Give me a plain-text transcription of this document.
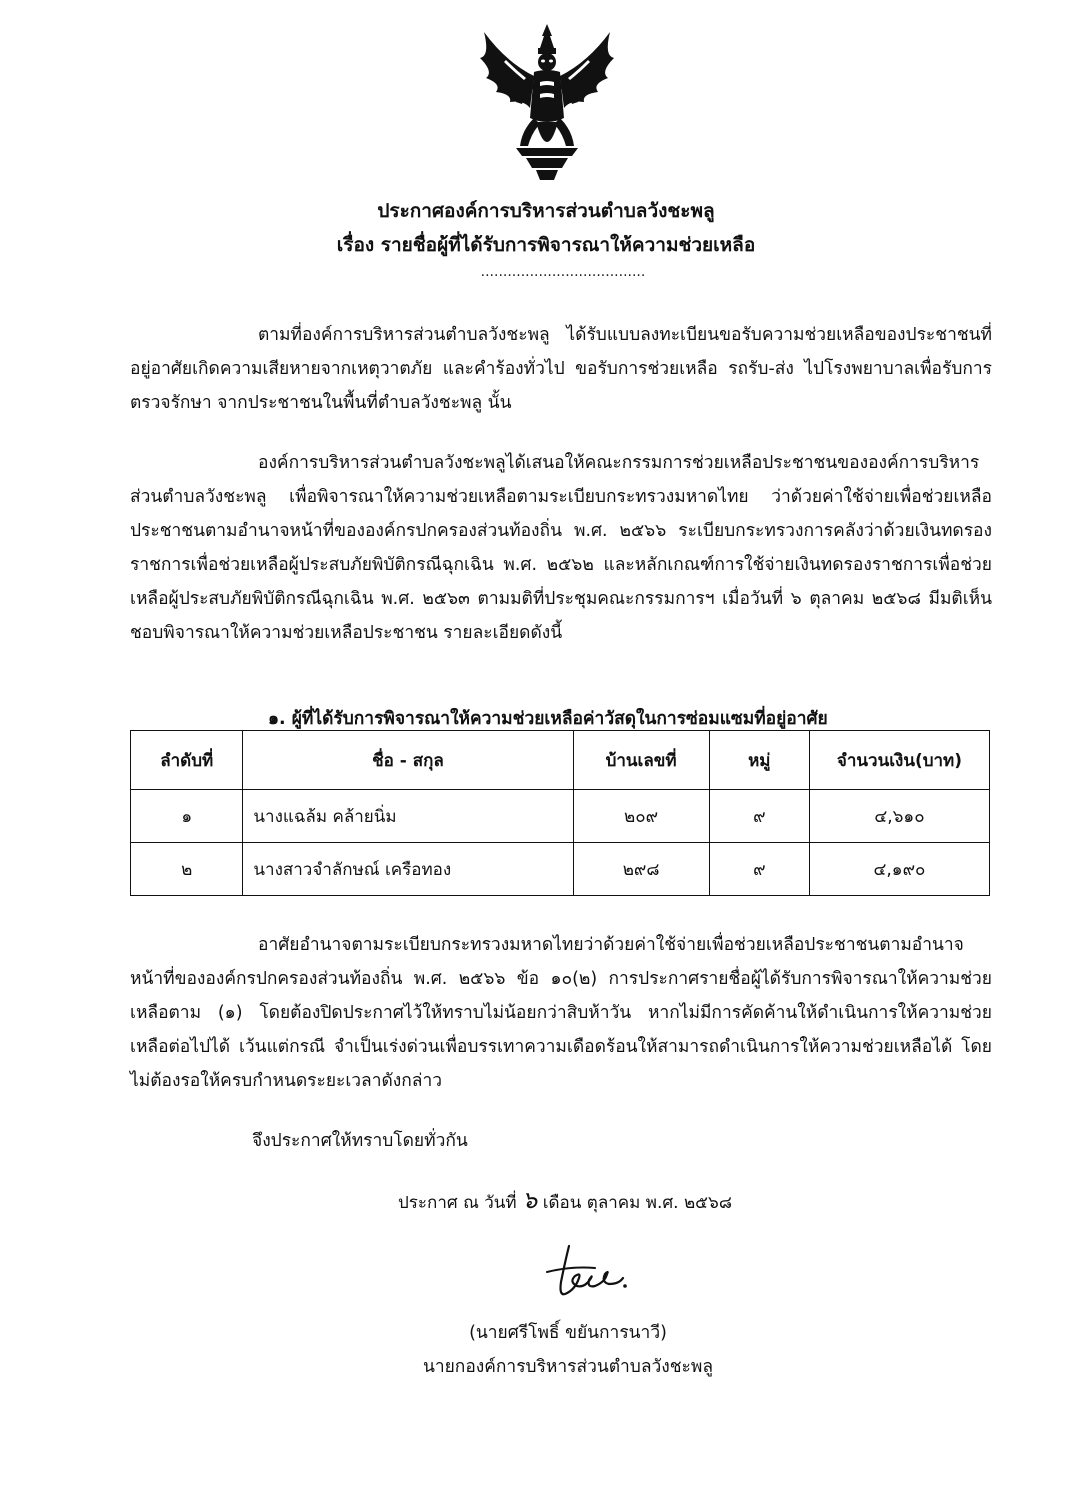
ประกาศองค์การบริหารส่วนตำบลวังชะพลู
เรื่อง รายชื่อผู้ที่ได้รับการพิจารณาให้ความช่วยเหลือ
.....................................
ตามที่องค์การบริหารส่วนตำบลวังชะพลู ได้รับแบบลงทะเบียนขอรับความช่วยเหลือของประชาชนที่อยู่อาศัยเกิดความเสียหายจากเหตุวาตภัย และคำร้องทั่วไป ขอรับการช่วยเหลือ รถรับ-ส่ง ไปโรงพยาบาลเพื่อรับการตรวจรักษา จากประชาชนในพื้นที่ตำบลวังชะพลู นั้น
องค์การบริหารส่วนตำบลวังชะพลูได้เสนอให้คณะกรรมการช่วยเหลือประชาชนขององค์การบริหารส่วนตำบลวังชะพลู เพื่อพิจารณาให้ความช่วยเหลือตามระเบียบกระทรวงมหาดไทย ว่าด้วยค่าใช้จ่ายเพื่อช่วยเหลือประชาชนตามอำนาจหน้าที่ขององค์กรปกครองส่วนท้องถิ่น พ.ศ. ๒๕๖๖ ระเบียบกระทรวงการคลังว่าด้วยเงินทดรองราชการเพื่อช่วยเหลือผู้ประสบภัยพิบัติกรณีฉุกเฉิน พ.ศ. ๒๕๖๒ และหลักเกณฑ์การใช้จ่ายเงินทดรองราชการเพื่อช่วยเหลือผู้ประสบภัยพิบัติกรณีฉุกเฉิน พ.ศ. ๒๕๖๓ ตามมติที่ประชุมคณะกรรมการฯ เมื่อวันที่ ๖ ตุลาคม ๒๕๖๘ มีมติเห็นชอบพิจารณาให้ความช่วยเหลือประชาชน รายละเอียดดังนี้
๑. ผู้ที่ได้รับการพิจารณาให้ความช่วยเหลือค่าวัสดุในการซ่อมแซมที่อยู่อาศัย
ลำดับที่	ชื่อ - สกุล	บ้านเลขที่	หมู่	จำนวนเงิน(บาท)
๑	นางแฉล้ม คล้ายนิ่ม	๒๐๙	๙	๔,๖๑๐
๒	นางสาวจำลักษณ์ เครือทอง	๒๙๘	๙	๔,๑๙๐
อาศัยอำนาจตามระเบียบกระทรวงมหาดไทยว่าด้วยค่าใช้จ่ายเพื่อช่วยเหลือประชาชนตามอำนาจหน้าที่ขององค์กรปกครองส่วนท้องถิ่น พ.ศ. ๒๕๖๖ ข้อ ๑๐(๒) การประกาศรายชื่อผู้ได้รับการพิจารณาให้ความช่วยเหลือตาม (๑) โดยต้องปิดประกาศไว้ให้ทราบไม่น้อยกว่าสิบห้าวัน หากไม่มีการคัดค้านให้ดำเนินการให้ความช่วยเหลือต่อไปได้ เว้นแต่กรณี จำเป็นเร่งด่วนเพื่อบรรเทาความเดือดร้อนให้สามารถดำเนินการให้ความช่วยเหลือได้ โดยไม่ต้องรอให้ครบกำหนดระยะเวลาดังกล่าว
จึงประกาศให้ทราบโดยทั่วกัน
ประกาศ ณ วันที่ ๖ เดือน ตุลาคม พ.ศ. ๒๕๖๘
(นายศรีโพธิ์ ขยันการนาวี)
นายกองค์การบริหารส่วนตำบลวังชะพลู
